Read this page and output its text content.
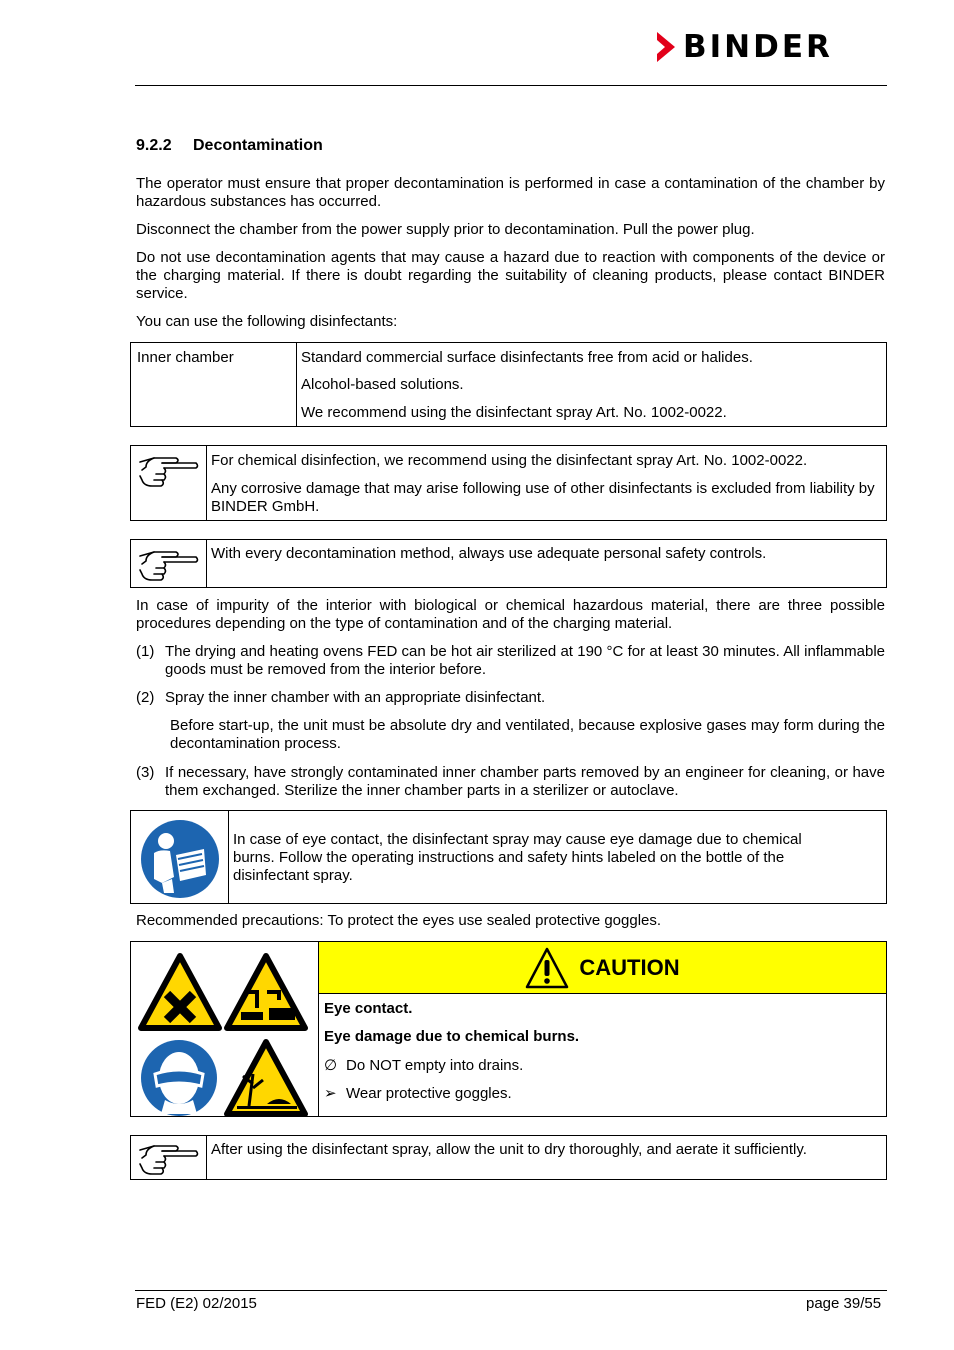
BINDER
9.2.2 Decontamination
The operator must ensure that proper decontamination is performed in case a contamination of the chamber by hazardous substances has occurred.
Disconnect the chamber from the power supply prior to decontamination. Pull the power plug.
Do not use decontamination agents that may cause a hazard due to reaction with components of the device or the charging material. If there is doubt regarding the suitability of cleaning products, please contact BINDER service.
You can use the following disinfectants:
Inner chamber	Standard commercial surface disinfectants free from acid or halides.
Alcohol-based solutions.
We recommend using the disinfectant spray Art. No. 1002-0022.
For chemical disinfection, we recommend using the disinfectant spray Art. No. 1002-0022.
Any corrosive damage that may arise following use of other disinfectants is excluded from liability by BINDER GmbH.
With every decontamination method, always use adequate personal safety controls.
In case of impurity of the interior with biological or chemical hazardous material, there are three possible procedures depending on the type of contamination and of the charging material.
(1) The drying and heating ovens FED can be hot air sterilized at 190 °C for at least 30 minutes. All inflammable goods must be removed from the interior before.
(2) Spray the inner chamber with an appropriate disinfectant.
Before start-up, the unit must be absolute dry and ventilated, because explosive gases may form during the decontamination process.
(3) If necessary, have strongly contaminated inner chamber parts removed by an engineer for cleaning, or have them exchanged. Sterilize the inner chamber parts in a sterilizer or autoclave.
In case of eye contact, the disinfectant spray may cause eye damage due to chemical burns. Follow the operating instructions and safety hints labeled on the bottle of the disinfectant spray.
Recommended precautions: To protect the eyes use sealed protective goggles.
CAUTION
Eye contact.
Eye damage due to chemical burns.
∅ Do NOT empty into drains.
➢ Wear protective goggles.
After using the disinfectant spray, allow the unit to dry thoroughly, and aerate it sufficiently.
FED (E2) 02/2015	page 39/55
